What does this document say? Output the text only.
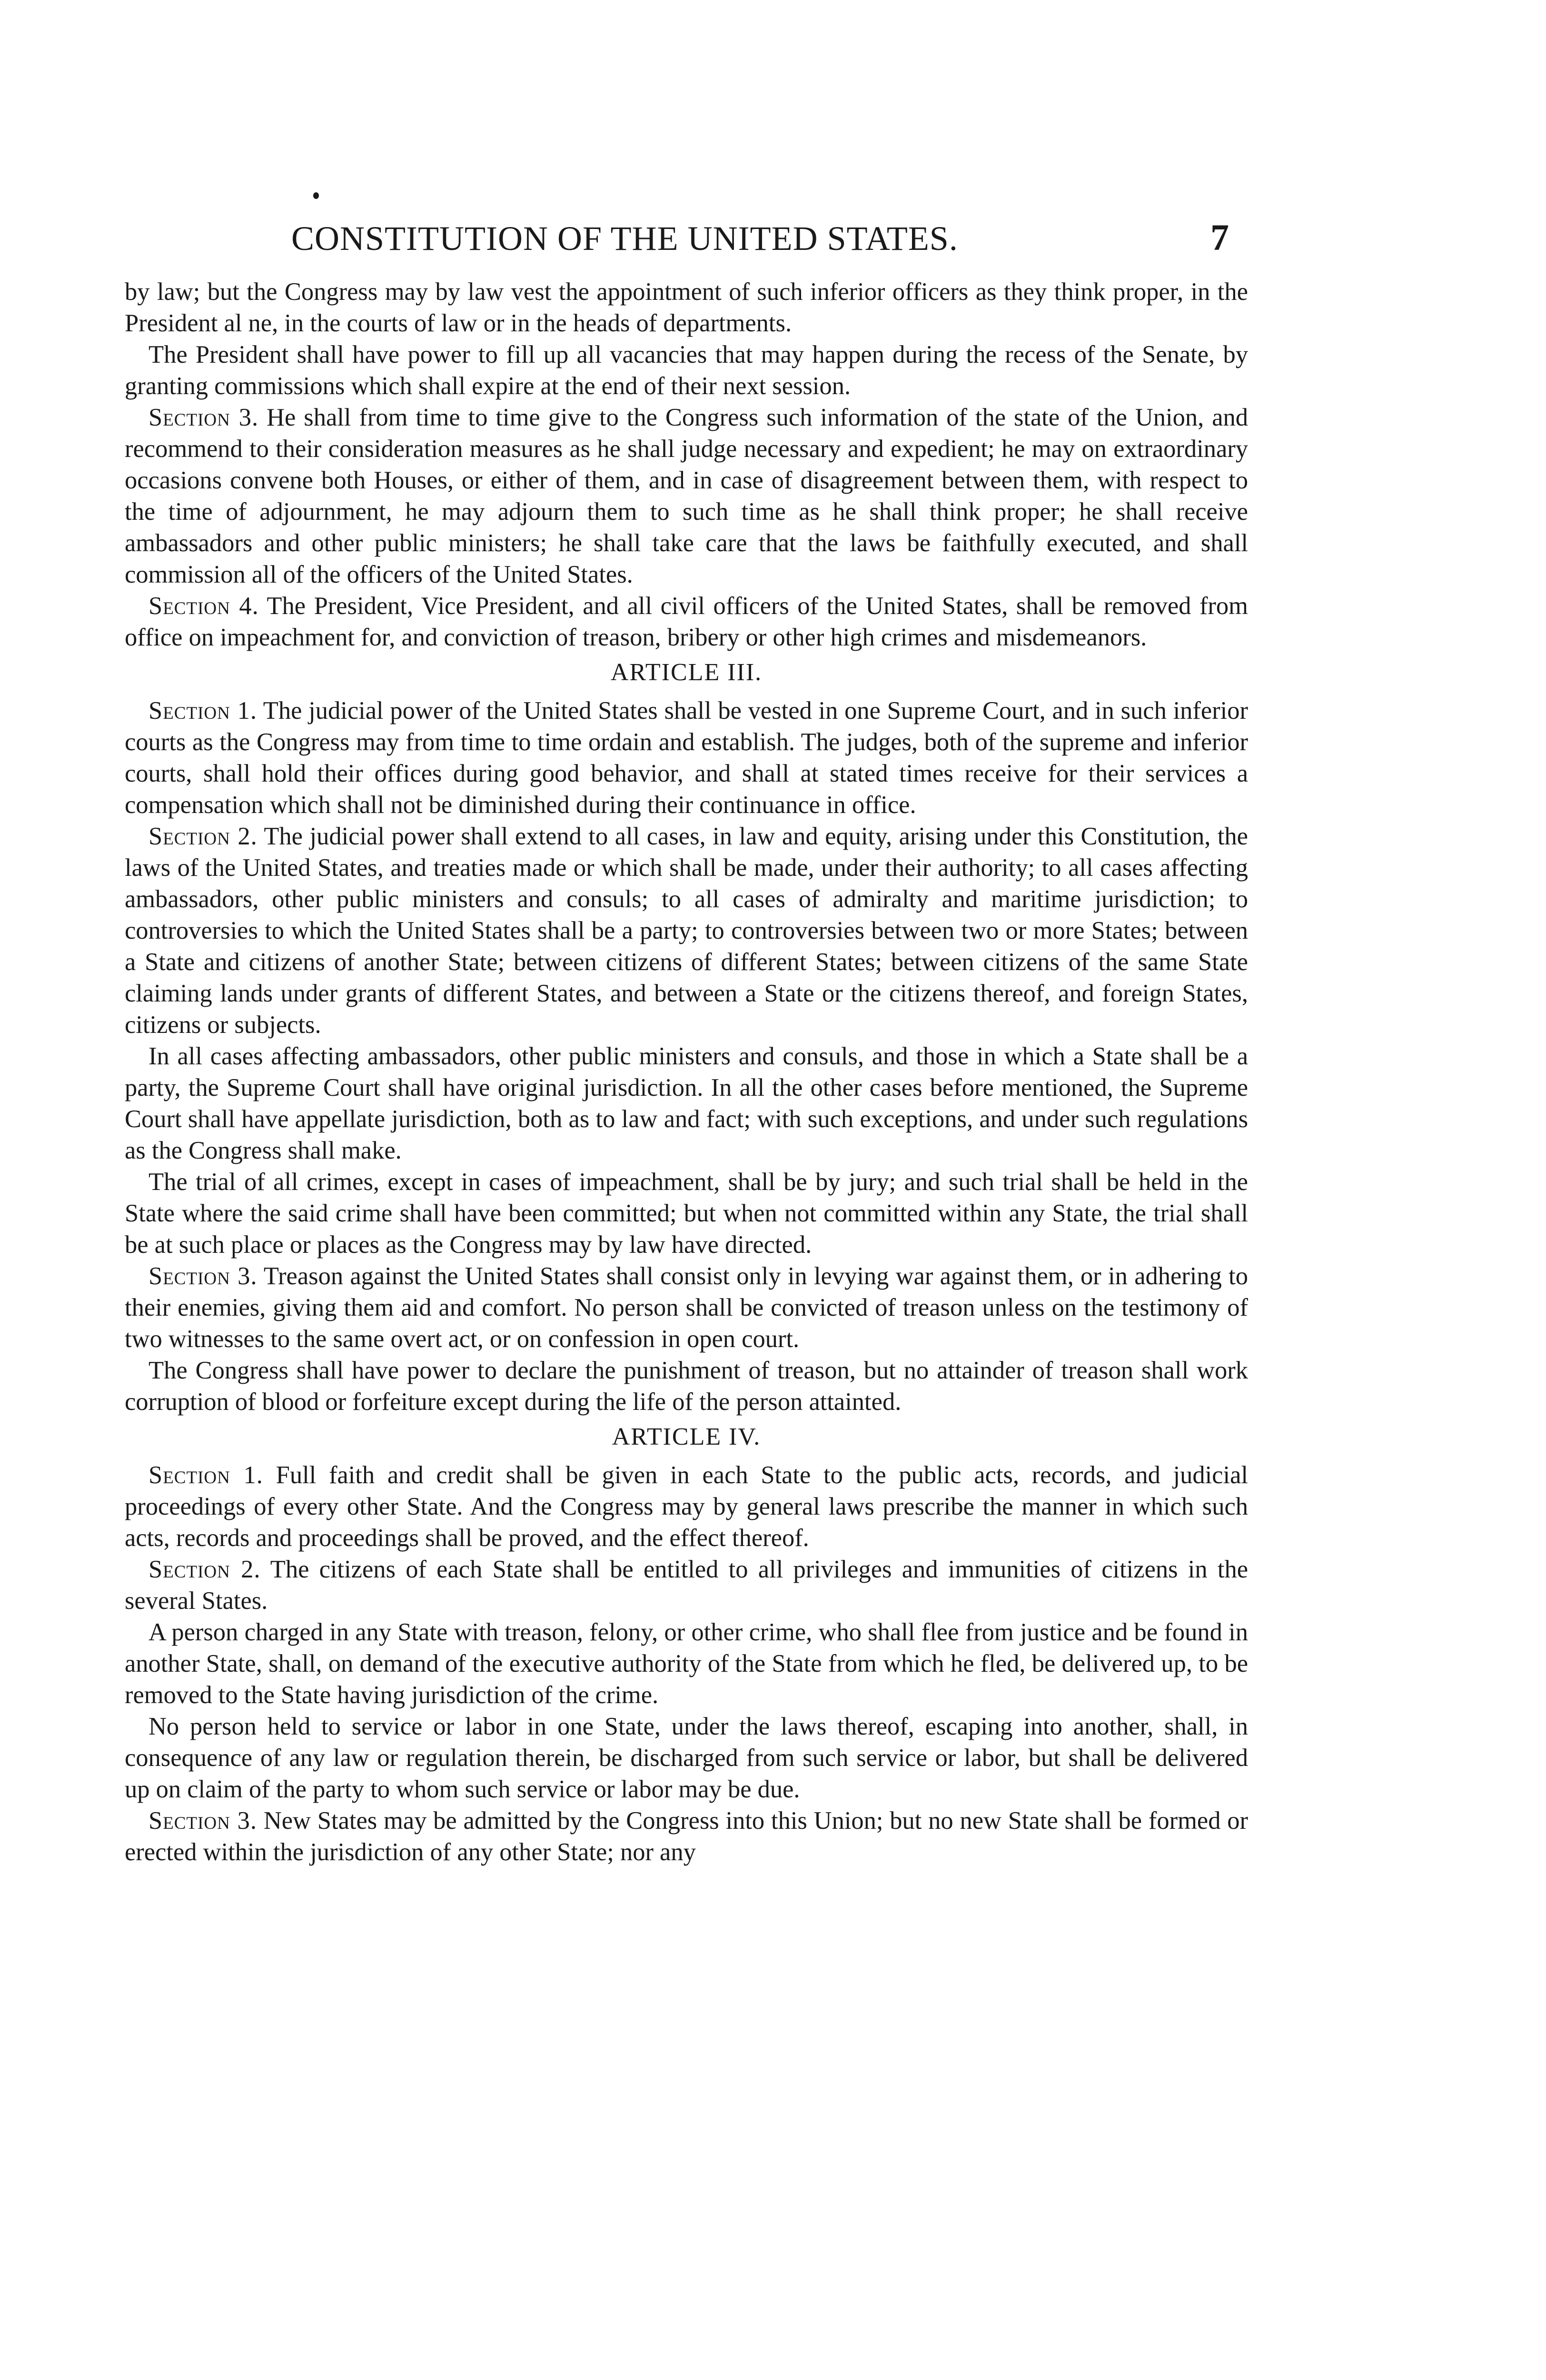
CONSTITUTION OF THE UNITED STATES.	7

by law; but the Congress may by law vest the appointment of such inferior officers as they think proper, in the President al ne, in the courts of law or in the heads of departments.

The President shall have power to fill up all vacancies that may happen during the recess of the Senate, by granting commissions which shall expire at the end of their next session.

Section 3. He shall from time to time give to the Congress such information of the state of the Union, and recommend to their consideration measures as he shall judge necessary and expedient; he may on extraordinary occasions convene both Houses, or either of them, and in case of disagreement between them, with respect to the time of adjournment, he may adjourn them to such time as he shall think proper; he shall receive ambassadors and other public ministers; he shall take care that the laws be faithfully executed, and shall commission all of the officers of the United States.

Section 4. The President, Vice President, and all civil officers of the United States, shall be removed from office on impeachment for, and conviction of treason, bribery or other high crimes and misdemeanors.

ARTICLE III.

Section 1. The judicial power of the United States shall be vested in one Supreme Court, and in such inferior courts as the Congress may from time to time ordain and establish. The judges, both of the supreme and inferior courts, shall hold their offices during good behavior, and shall at stated times receive for their services a compensation which shall not be diminished during their continuance in office.

Section 2. The judicial power shall extend to all cases, in law and equity, arising under this Constitution, the laws of the United States, and treaties made or which shall be made, under their authority; to all cases affecting ambassadors, other public ministers and consuls; to all cases of admiralty and maritime jurisdiction; to controversies to which the United States shall be a party; to controversies between two or more States; between a State and citizens of another State; between citizens of different States; between citizens of the same State claiming lands under grants of different States, and between a State or the citizens thereof, and foreign States, citizens or subjects.

In all cases affecting ambassadors, other public ministers and consuls, and those in which a State shall be a party, the Supreme Court shall have original jurisdiction. In all the other cases before mentioned, the Supreme Court shall have appellate jurisdiction, both as to law and fact; with such exceptions, and under such regulations as the Congress shall make.

The trial of all crimes, except in cases of impeachment, shall be by jury; and such trial shall be held in the State where the said crime shall have been committed; but when not committed within any State, the trial shall be at such place or places as the Congress may by law have directed.

Section 3. Treason against the United States shall consist only in levying war against them, or in adhering to their enemies, giving them aid and comfort. No person shall be convicted of treason unless on the testimony of two witnesses to the same overt act, or on confession in open court.

The Congress shall have power to declare the punishment of treason, but no attainder of treason shall work corruption of blood or forfeiture except during the life of the person attainted.

ARTICLE IV.

Section 1. Full faith and credit shall be given in each State to the public acts, records, and judicial proceedings of every other State. And the Congress may by general laws prescribe the manner in which such acts, records and proceedings shall be proved, and the effect thereof.

Section 2. The citizens of each State shall be entitled to all privileges and immunities of citizens in the several States.

A person charged in any State with treason, felony, or other crime, who shall flee from justice and be found in another State, shall, on demand of the executive authority of the State from which he fled, be delivered up, to be removed to the State having jurisdiction of the crime.

No person held to service or labor in one State, under the laws thereof, escaping into another, shall, in consequence of any law or regulation therein, be discharged from such service or labor, but shall be delivered up on claim of the party to whom such service or labor may be due.

Section 3. New States may be admitted by the Congress into this Union; but no new State shall be formed or erected within the jurisdiction of any other State; nor any
